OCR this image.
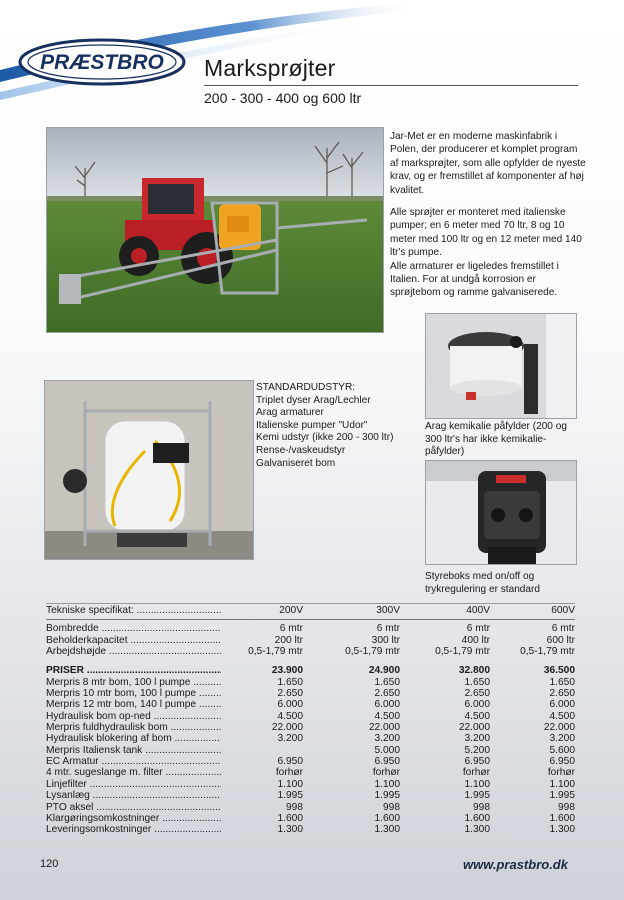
PRÆSTBRO Marksprøjter
200 - 300 - 400 og 600 ltr

Jar-Met er en moderne maskinfabrik i Polen, der producerer et komplet program af marksprøjter, som alle opfylder de nyeste krav, og er fremstillet af komponenter af høj kvalitet.

Alle sprøjter er monteret med italienske pumper; en 6 meter med 70 ltr, 8 og 10 meter med 100 ltr og en 12 meter med 140 ltr's pumpe.

Alle armaturer er ligeledes fremstillet i Italien. For at undgå korrosion er sprøjtebom og ramme galvaniserede.

STANDARDUDSTYR:
Triplet dyser Arag/Lechler
Arag armaturer
Italienske pumper "Udor"
Kemi udstyr (ikke 200 - 300 ltr)
Rense-/vaskeudstyr
Galvaniseret bom
Arag kemikalie påfylder (200 og 300 ltr's har ikke kemikalie-påfylder)
Styreboks med on/off og trykregulering er standard
Tekniske specifikat: .....	200V	300V	400V	600V
Bombredde .....	6 mtr	6 mtr	6 mtr	6 mtr
Beholderkapacitet .....	200 ltr	300 ltr	400 ltr	600 ltr
Arbejdshøjde .....	0,5-1,79 mtr	0,5-1,79 mtr	0,5-1,79 mtr	0,5-1,79 mtr

PRISER .....	23.900	24.900	32.800	36.500
Merpris 8 mtr bom, 100 l pumpe .....	1.650	1.650	1.650	1.650
Merpris 10 mtr bom, 100 l pumpe .....	2.650	2.650	2.650	2.650
Merpris 12 mtr bom, 140 l pumpe .....	6.000	6.000	6.000	6.000
Hydraulisk bom op-ned .....	4.500	4.500	4.500	4.500
Merpris fuldhydraulisk bom .....	22.000	22.000	22.000	22.000
Hydraulisk blokering af bom .....	3.200	3.200	3.200	3.200
Merpris Italiensk tank .....		5.000	5.200	5.600
EC Armatur .....	6.950	6.950	6.950	6.950
4 mtr. sugeslange m. filter .....	forhør	forhør	forhør	forhør
Linjefilter .....	1.100	1.100	1.100	1.100
Lysanlæg .....	1.995	1.995	1.995	1.995
PTO aksel .....	998	998	998	998
Klargøringsomkostninger .....	1.600	1.600	1.600	1.600
Leveringsomkostninger .....	1.300	1.300	1.300	1.300
120	www.prastbro.dk
